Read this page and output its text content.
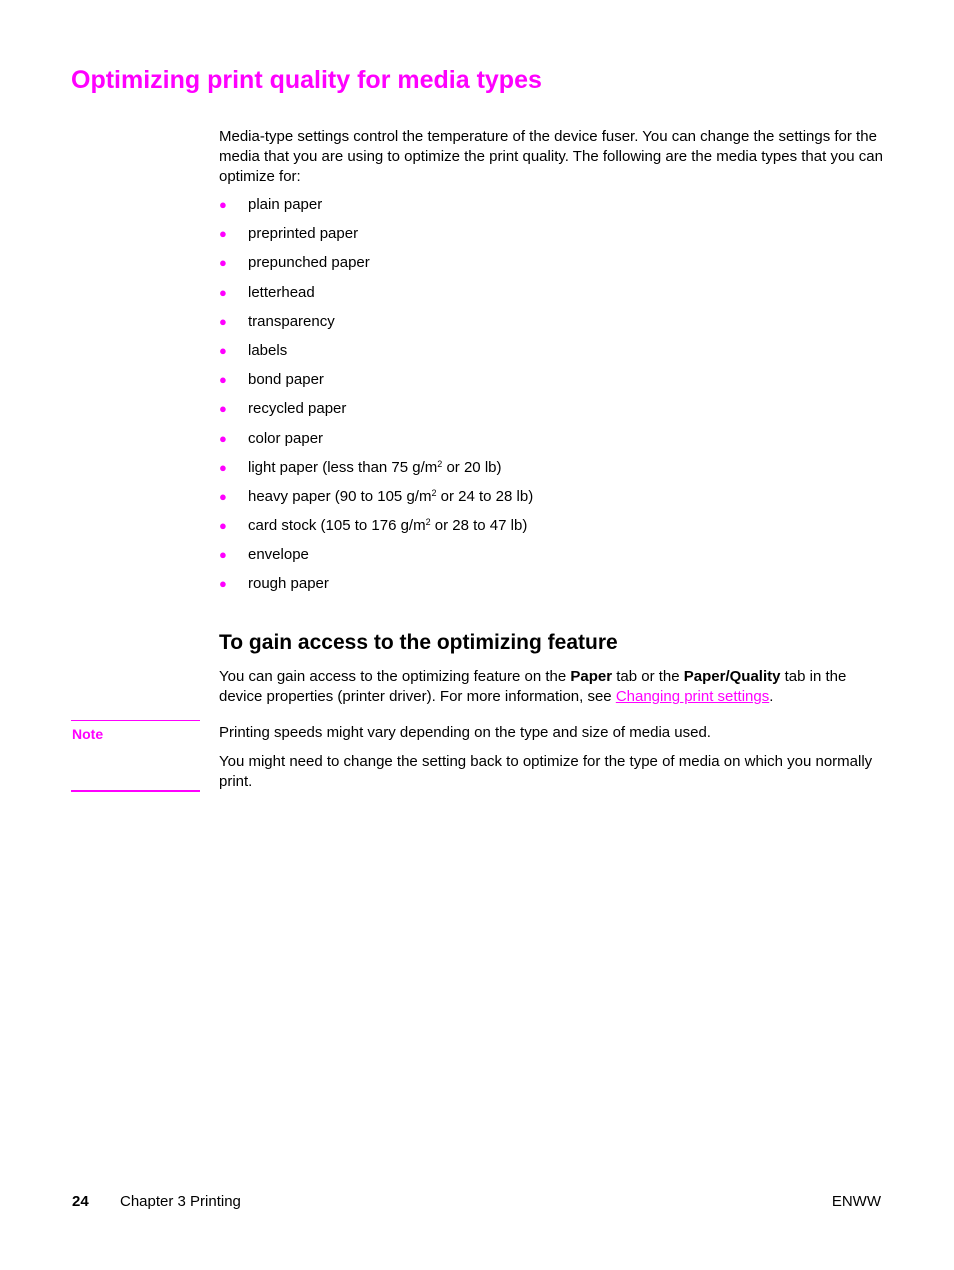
Optimizing print quality for media types

Media-type settings control the temperature of the device fuser. You can change the settings for the media that you are using to optimize the print quality. The following are the media types that you can optimize for:

● plain paper
● preprinted paper
● prepunched paper
● letterhead
● transparency
● labels
● bond paper
● recycled paper
● color paper
● light paper (less than 75 $g/m^2$ or 20 lb)
● heavy paper (90 to 105 $g/m^2$ or 24 to 28 lb)
● card stock (105 to 176 $g/m^2$ or 28 to 47 lb)
● envelope
● rough paper
To gain access to the optimizing feature

You can gain access to the optimizing feature on the Paper tab or the Paper/Quality tab in the device properties (printer driver). For more information, see Changing print settings.

Note	Printing speeds might vary depending on the type and size of media used.

You might need to change the setting back to optimize for the type of media on which you normally print.

24 Chapter 3 Printing	ENWW
